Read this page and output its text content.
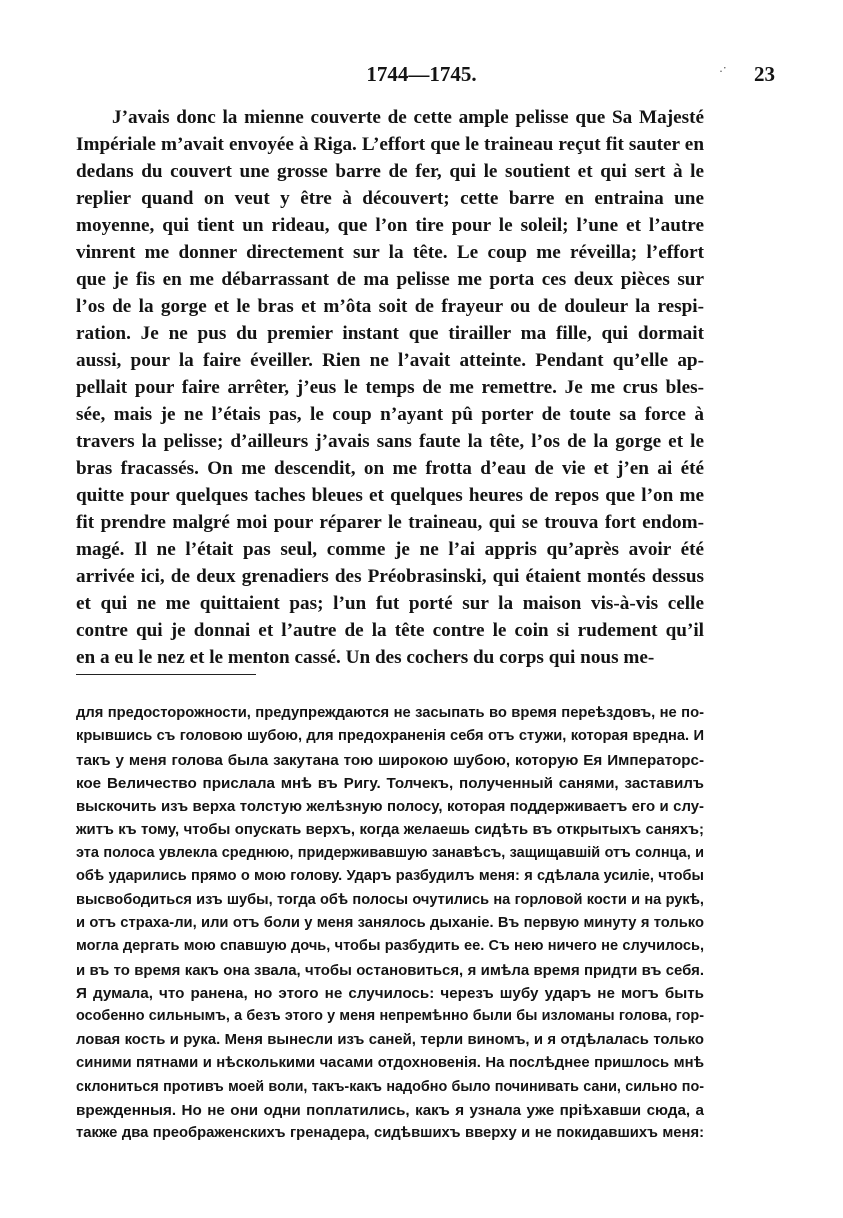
1744—1745.	.· 23
J’avais donc la mienne couverte de cette ample pelisse que Sa Majesté
Impériale m’avait envoyée à Riga. L’effort que le traineau reçut fit sauter en
dedans du couvert une grosse barre de fer, qui le soutient et qui sert à le
replier quand on veut y être à découvert; cette barre en entraina une
moyenne, qui tient un rideau, que l’on tire pour le soleil; l’une et l’autre
vinrent me donner directement sur la tête. Le coup me réveilla; l’effort
que je fis en me débarrassant de ma pelisse me porta ces deux pièces sur
l’os de la gorge et le bras et m’ôta soit de frayeur ou de douleur la respi-
ration. Je ne pus du premier instant que tirailler ma fille, qui dormait
aussi, pour la faire éveiller. Rien ne l’avait atteinte. Pendant qu’elle ap-
pellait pour faire arrêter, j’eus le temps de me remettre. Je me crus bles-
sée, mais je ne l’étais pas, le coup n’ayant pû porter de toute sa force à
travers la pelisse; d’ailleurs j’avais sans faute la tête, l’os de la gorge et le
bras fracassés. On me descendit, on me frotta d’eau de vie et j’en ai été
quitte pour quelques taches bleues et quelques heures de repos que l’on me
fit prendre malgré moi pour réparer le traineau, qui se trouva fort endom-
magé. Il ne l’était pas seul, comme je ne l’ai appris qu’après avoir été
arrivée ici, de deux grenadiers des Préobrasinski, qui étaient montés dessus
et qui ne me quittaient pas; l’un fut porté sur la maison vis-à-vis celle
contre qui je donnai et l’autre de la tête contre le coin si rudement qu’il
en a eu le nez et le menton cassé. Un des cochers du corps qui nous me-
для предосторожности, предупреждаются не засыпать во время переѣздовъ, не по-
крывшись съ головою шубою, для предохраненія себя отъ стужи, которая вредна. И
такъ у меня голова была закутана тою широкою шубою, которую Ея Императорс-
кое Величество прислала мнѣ въ Ригу. Толчекъ, полученный санями, заставилъ
выскочить изъ верха толстую желѣзную полосу, которая поддерживаетъ его и слу-
житъ къ тому, чтобы опускать верхъ, когда желаешь сидѣть въ открытыхъ саняхъ;
эта полоса увлекла среднюю, придерживавшую занавѣсъ, защищавшій отъ солнца, и
обѣ ударились прямо о мою голову. Ударъ разбудилъ меня: я сдѣлала усиліе, чтобы
высвободиться изъ шубы, тогда обѣ полосы очутились на горловой кости и на рукѣ,
и отъ страха-ли, или отъ боли у меня занялось дыханіе. Въ первую минуту я только
могла дергать мою спавшую дочь, чтобы разбудить ее. Съ нею ничего не случилось,
и въ то время какъ она звала, чтобы остановиться, я имѣла время придти въ себя.
Я думала, что ранена, но этого не случилось: черезъ шубу ударъ не могъ быть
особенно сильнымъ, а безъ этого у меня непремѣнно были бы изломаны голова, гор-
ловая кость и рука. Меня вынесли изъ саней, терли виномъ, и я отдѣлалась только
синими пятнами и нѣсколькими часами отдохновенія. На послѣднее пришлось мнѣ
склониться противъ моей воли, такъ-какъ надобно было починивать сани, сильно по-
врежденныя. Но не они одни поплатились, какъ я узнала уже пріѣхавши сюда, а
также два преображенскихъ гренадера, сидѣвшихъ вверху и не покидавшихъ меня:
